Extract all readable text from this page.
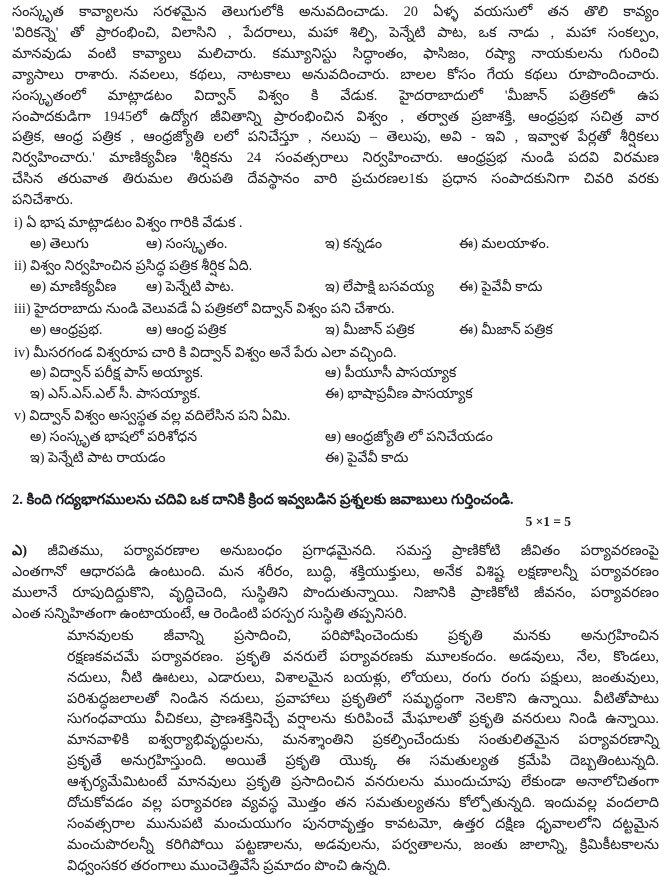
సంస్కృత కావ్యాలను సరళమైన తెలుగులోకి అనువదించాడు. 20 ఏళ్ళ వయసులో తన తొలి కావ్యం
'విరికన్నె' తో ప్రారంభించి, విలాసిని , పేదరాలు, మహా శిల్పి, పెన్నేటి పాట, ఒక నాడు , మహా సంకల్పం,
మానవుడు వంటి కావ్యాలు మలిచారు. కమ్యూనిస్టు సిద్ధాంతం, ఫాసిజం, రష్యా నాయకులను గురించి
వ్యాసాలు రాశారు. నవలలు, కథలు, నాటకాలు అనువదించారు. బాలల కోసం గేయ కథలు రూపొందించారు.
సంస్కృతంలో మాట్లాడటం విద్వాన్ విశ్వం కి వేడుక. హైదరాబాదులో 'మీజాన్ పత్రికలో' ఉప
సంపాదకుడిగా 1945లో ఉద్యోగ జీవితాన్ని ప్రారంభించిన విశ్వం , తర్వాత ప్రజాశక్తి, ఆంధ్రప్రభ సచిత్ర వార
పత్రిక, ఆంధ్ర పత్రిక , ఆంధ్రజ్యోతి లలో పనిచేస్తూ , నలుపు – తెలుపు, అవి - ఇవి , ఇవ్వాళ పేర్లతో శీర్షికలు
నిర్వహించారు.' మాణిక్యవీణ 'శీర్షికను 24 సంవత్సరాలు నిర్వహించారు. ఆంధ్రప్రభ నుండి పదవి విరమణ
చేసిన తరువాత తిరుమల తిరుపతి దేవస్థానం వారి ప్రచురణల1కు ప్రధాన సంపాదకునిగా చివరి వరకు
పనిచేశారు.
i) ఏ భాష మాట్లాడటం విశ్వం గారికి వేడుక .
అ) తెలుగు	ఆ) సంస్కృతం.	ఇ) కన్నడం	ఈ) మలయాళం.
ii) విశ్వం నిర్వహించిన ప్రసిద్ధ పత్రిక శీర్షిక ఏది.
అ) మాణిక్యవీణ ఆ) పెన్నేటి పాట.	ఇ) లేపాక్షి బసవయ్య ఈ) పైవేవీ కాదు
iii) హైదరాబాదు నుండి వెలువడే ఏ పత్రికలో విద్వాన్ విశ్వం పని చేశారు.
అ) ఆంధ్రప్రభ.	ఆ) ఆంధ్ర పత్రిక	ఇ) మీజాన్ పత్రిక	ఈ) మీజాన్ పత్రిక
iv) మీసరగండ విశ్వరూప చారి కి విద్వాన్ విశ్వం అనే పేరు ఎలా వచ్చింది.
అ) విద్వాన్ పరీక్ష పాస్ అయ్యాక.	ఆ) పీయూసీ పాసయ్యాక
ఇ) ఎస్.ఎస్.ఎల్ సీ. పాసయ్యాక.	ఈ) భాషాప్రవీణ పాసయ్యాక
v) విద్వాన్ విశ్వం అస్వస్థత వల్ల వదిలేసిన పని ఏమి.
అ) సంస్కృత భాషలో పరిశోధన	ఆ) ఆంధ్రజ్యోతి లో పనిచేయడం
ఇ) పెన్నేటి పాట రాయడం	ఈ) పైవేవీ కాదు
2. కింది గద్యభాగములను చదివి ఒక దానికి క్రింద ఇవ్వబడిన ప్రశ్నలకు జవాబులు గుర్తించండి.
5 ×1 = 5
ఎ) జీవితము, పర్యావరణాల అనుబంధం ప్రగాఢమైనది. సమస్త ప్రాణికోటి జీవితం పర్యావరణంపై
ఎంతగానో ఆధారపడి ఉంటుంది. మన శరీరం, బుద్ధి, శక్తియుక్తులు, అనేక విశిష్ట లక్షణాలన్నీ పర్యావరణం
ములానే రూపుదిద్దుకొని, వృద్ధిచెంది, సుస్థితిని పొందుతున్నాయి. నిజానికి ప్రాణికోటి జీవనం, పర్యావరణం
ఎంత సన్నిహితంగా ఉంటాయంటే, ఆ రెండింటి పరస్పర సుస్థితి తప్పనిసరి.
మానవులకు జీవాన్ని ప్రసాదించి, పరిపోషించెందుకు ప్రకృతి మనకు అనుగ్రహించిన
రక్షణకవచమే పర్యావరణం. ప్రకృతి వనరులే పర్యావరణకు మూలకందం. అడవులు, నేల, కొండలు,
నదులు, నీటి ఊటలు, ఎడారులు, విశాలమైన బయళ్లు, లోయలు, రంగు రంగు పక్షులు, జంతువులు,
పరిశుద్ధజలాలతో నిండిన నదులు, ప్రవాహాలు ప్రకృతిలో సమృద్ధంగా నెలకొని ఉన్నాయి. వీటితోపాటు
సుగంధవాయు వీచికలు, ప్రాణశక్తినిచ్చే వర్షాలను కురిపించే మేఘాలతో ప్రకృతి వనరులు నిండి ఉన్నాయి.
మానవాళికి ఐశ్వర్యాభివృద్ధులను, మనశ్శాంతిని ప్రకల్పించేందుకు సంతులితమైన పర్యావరణాన్ని
ప్రకృతే అనుగ్రహిస్తుంది. అయితే ప్రకృతి యొక్క ఈ సమతుల్యత క్రమేపి దెబ్బతింటున్నది.
ఆశ్చర్యమేమిటంటే మానవులు ప్రకృతి ప్రసాదించిన వనరులను ముందుచూపు లేకుండా అనాలోచితంగా
దోచుకోవడం వల్ల పర్యావరణ వ్యవస్థ మొత్తం తన సమతుల్యతను కోల్పోతున్నది. ఇందువల్ల వందలాది
సంవత్సరాల మునుపటి మంచుయుగం పునరావృత్తం కావటమో, ఉత్తర దక్షిణ ధృవాలలోని దట్టమైన
మంచుపొరలన్నీ కరిగిపోయి పట్టణాలను, అడవులను, పర్వతాలను, జంతు జాలాన్ని, క్రిమికీటకాలను
విధ్వంసకర తరంగాలు ముంచెత్తివేసే ప్రమాదం పొంచి ఉన్నది.
